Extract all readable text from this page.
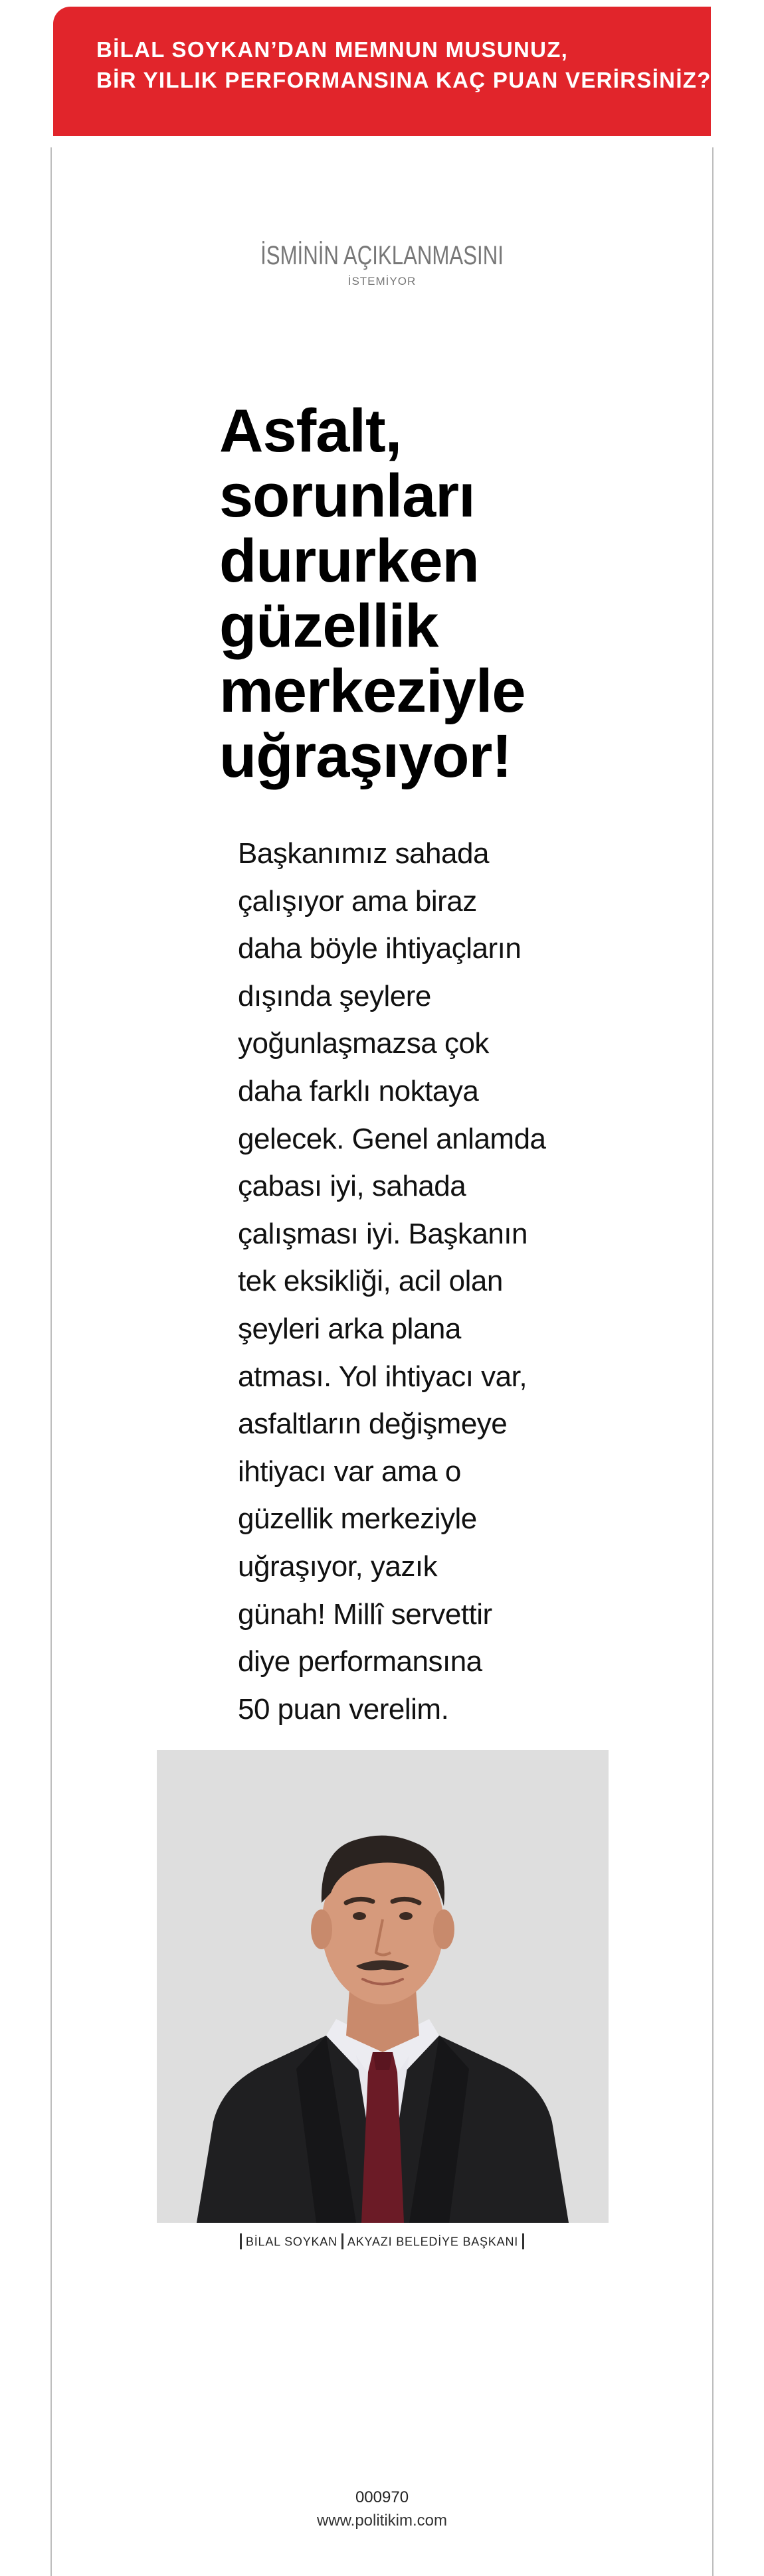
BİLAL SOYKAN’DAN MEMNUN MUSUNUZ,
BİR YILLIK PERFORMANSINA KAÇ PUAN VERİRSİNİZ?
İSMİNİN AÇIKLANMASINI
İSTEMİYOR
Asfalt,
sorunları
dururken
güzellik
merkeziyle
uğraşıyor!
Başkanımız sahada
çalışıyor ama biraz
daha böyle ihtiyaçların
dışında şeylere
yoğunlaşmazsa çok
daha farklı noktaya
gelecek. Genel anlamda
çabası iyi, sahada
çalışması iyi. Başkanın
tek eksikliği, acil olan
şeyleri arka plana
atması. Yol ihtiyacı var,
asfaltların değişmeye
ihtiyacı var ama o
güzellik merkeziyle
uğraşıyor, yazık
günah! Millî servettir
diye performansına
50 puan verelim.
BİLAL SOYKAN AKYAZI BELEDİYE BAŞKANI
000970
www.politikim.com
